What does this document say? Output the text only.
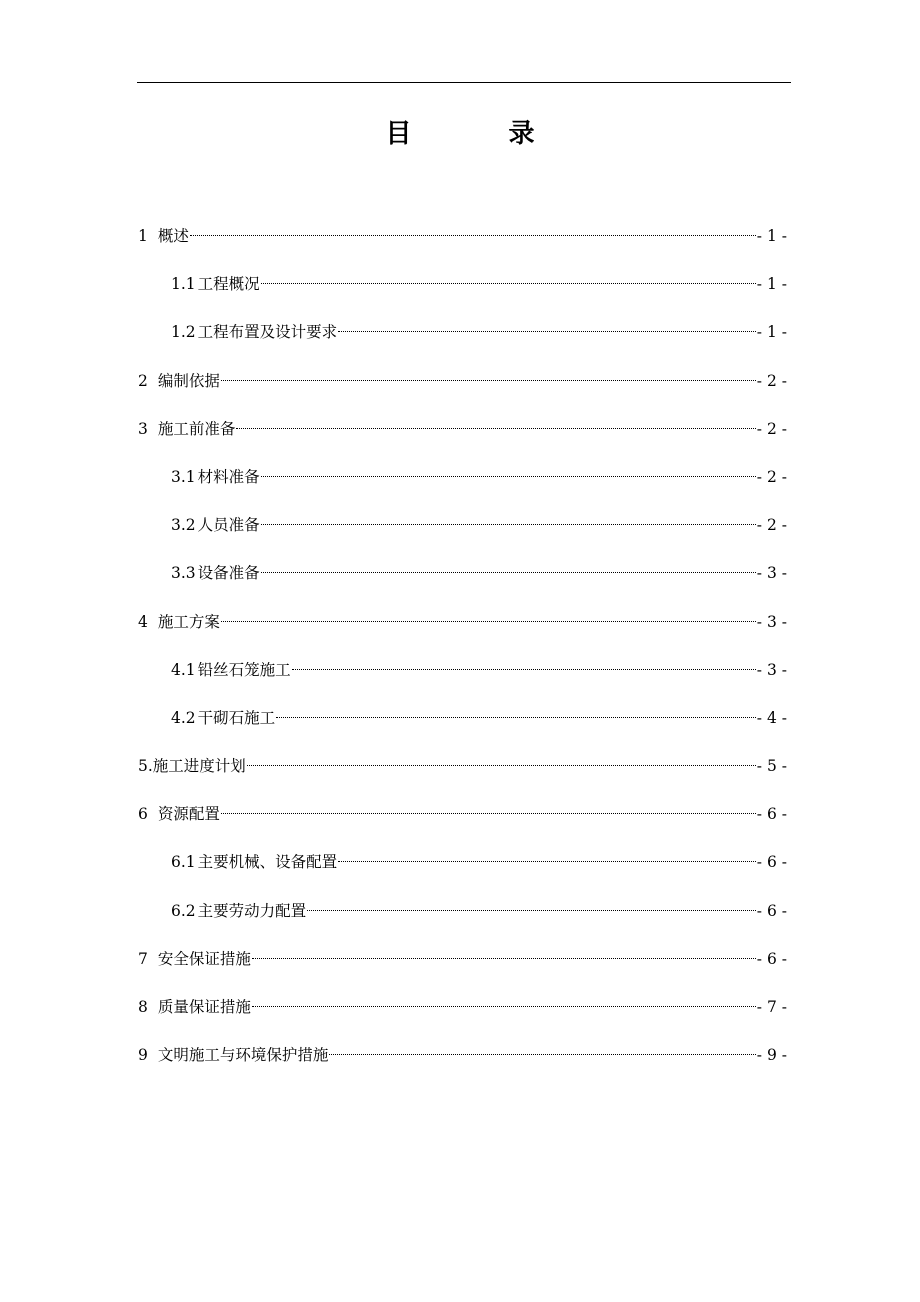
目 录
1 概述	- 1 -
1.1 工程概况	- 1 -
1.2 工程布置及设计要求	- 1 -
2 编制依据	- 2 -
3 施工前准备	- 2 -
3.1 材料准备	- 2 -
3.2 人员准备	- 2 -
3.3 设备准备	- 3 -
4 施工方案	- 3 -
4.1 铅丝石笼施工	- 3 -
4.2 干砌石施工	- 4 -
5. 施工进度计划	- 5 -
6 资源配置	- 6 -
6.1 主要机械、设备配置	- 6 -
6.2 主要劳动力配置	- 6 -
7 安全保证措施	- 6 -
8 质量保证措施	- 7 -
9 文明施工与环境保护措施	- 9 -
